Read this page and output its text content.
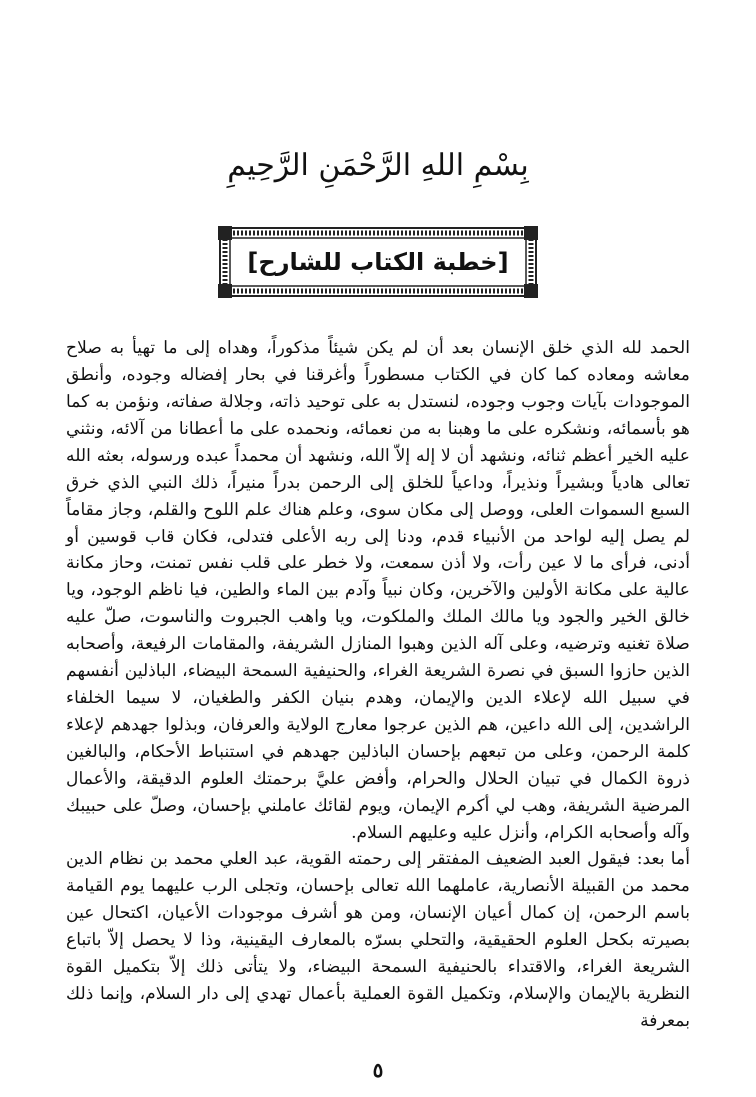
بِسْمِ اللهِ الرَّحْمَنِ الرَّحِيمِ
[خطبة الكتاب للشارح]

الحمد لله الذي خلق الإنسان بعد أن لم يكن شيئاً مذكوراً، وهداه إلى ما تهيأ به صلاح معاشه ومعاده كما كان في الكتاب مسطوراً وأغرقنا في بحار إفضاله وجوده، وأنطق الموجودات بآيات وجوب وجوده، لنستدل به على توحيد ذاته، وجلالة صفاته، ونؤمن به كما هو بأسمائه، ونشكره على ما وهبنا به من نعمائه، ونحمده على ما أعطانا من آلائه، ونثني عليه الخير أعظم ثنائه، ونشهد أن لا إله إلاّ الله، ونشهد أن محمداً عبده ورسوله، بعثه الله تعالى هادياً وبشيراً ونذيراً، وداعياً للخلق إلى الرحمن بدراً منيراً، ذلك النبي الذي خرق السبع السموات العلى، ووصل إلى مكان سوى، وعلم هناك علم اللوح والقلم، وجاز مقاماً لم يصل إليه لواحد من الأنبياء قدم، ودنا إلى ربه الأعلى فتدلى، فكان قاب قوسين أو أدنى، فرأى ما لا عين رأت، ولا أذن سمعت، ولا خطر على قلب نفس تمنت، وحاز مكانة عالية على مكانة الأولين والآخرين، وكان نبياً وآدم بين الماء والطين، فيا ناظم الوجود، ويا خالق الخير والجود ويا مالك الملك والملكوت، ويا واهب الجبروت والناسوت، صلّ عليه صلاة تغنيه وترضيه، وعلى آله الذين وهبوا المنازل الشريفة، والمقامات الرفيعة، وأصحابه الذين حازوا السبق في نصرة الشريعة الغراء، والحنيفية السمحة البيضاء، الباذلين أنفسهم في سبيل الله لإعلاء الدين والإيمان، وهدم بنيان الكفر والطغيان، لا سيما الخلفاء الراشدين، إلى الله داعين، هم الذين عرجوا معارج الولاية والعرفان، وبذلوا جهدهم لإعلاء كلمة الرحمن، وعلى من تبعهم بإحسان الباذلين جهدهم في استنباط الأحكام، والبالغين ذروة الكمال في تبيان الحلال والحرام، وأفض عليَّ برحمتك العلوم الدقيقة، والأعمال المرضية الشريفة، وهب لي أكرم الإيمان، ويوم لقائك عاملني بإحسان، وصلّ على حبيبك وآله وأصحابه الكرام، وأنزل عليه وعليهم السلام.

أما بعد: فيقول العبد الضعيف المفتقر إلى رحمته القوية، عبد العلي محمد بن نظام الدين محمد من القبيلة الأنصارية، عاملهما الله تعالى بإحسان، وتجلى الرب عليهما يوم القيامة باسم الرحمن، إن كمال أعيان الإنسان، ومن هو أشرف موجودات الأعيان، اكتحال عين بصيرته بكحل العلوم الحقيقية، والتحلي بسرّه بالمعارف اليقينية، وذا لا يحصل إلاّ باتباع الشريعة الغراء، والاقتداء بالحنيفية السمحة البيضاء، ولا يتأتى ذلك إلاّ بتكميل القوة النظرية بالإيمان والإسلام، وتكميل القوة العملية بأعمال تهدي إلى دار السلام، وإنما ذلك بمعرفة

٥
